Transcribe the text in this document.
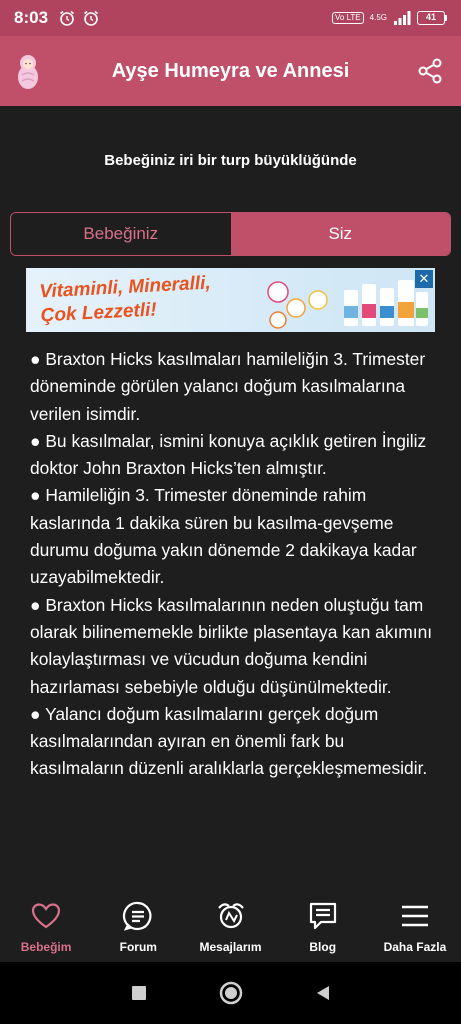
8:03	Vo LTE	4.5G	41
Ayşe Humeyra ve Annesi
Bebeğiniz iri bir turp büyüklüğünde
Bebeğiniz	Siz
Vitaminli, Mineralli,
Çok Lezzetli!
✕

● Braxton Hicks kasılmaları hamileliğin 3. Trimester döneminde görülen yalancı doğum kasılmalarına verilen isimdir.

● Bu kasılmalar, ismini konuya açıklık getiren İngiliz doktor John Braxton Hicks’ten almıştır.

● Hamileliğin 3. Trimester döneminde rahim kaslarında 1 dakika süren bu kasılma-gevşeme durumu doğuma yakın dönemde 2 dakikaya kadar uzayabilmektedir.

● Braxton Hicks kasılmalarının neden oluştuğu tam olarak bilinememekle birlikte plasentaya kan akımını kolaylaştırması ve vücudun doğuma kendini hazırlaması sebebiyle olduğu düşünülmektedir.

● Yalancı doğum kasılmalarını gerçek doğum kasılmalarından ayıran en önemli fark bu kasılmaların düzenli aralıklarla gerçekleşmemesidir.

Bebeğim	Forum	Mesajlarım	Blog	Daha Fazla
